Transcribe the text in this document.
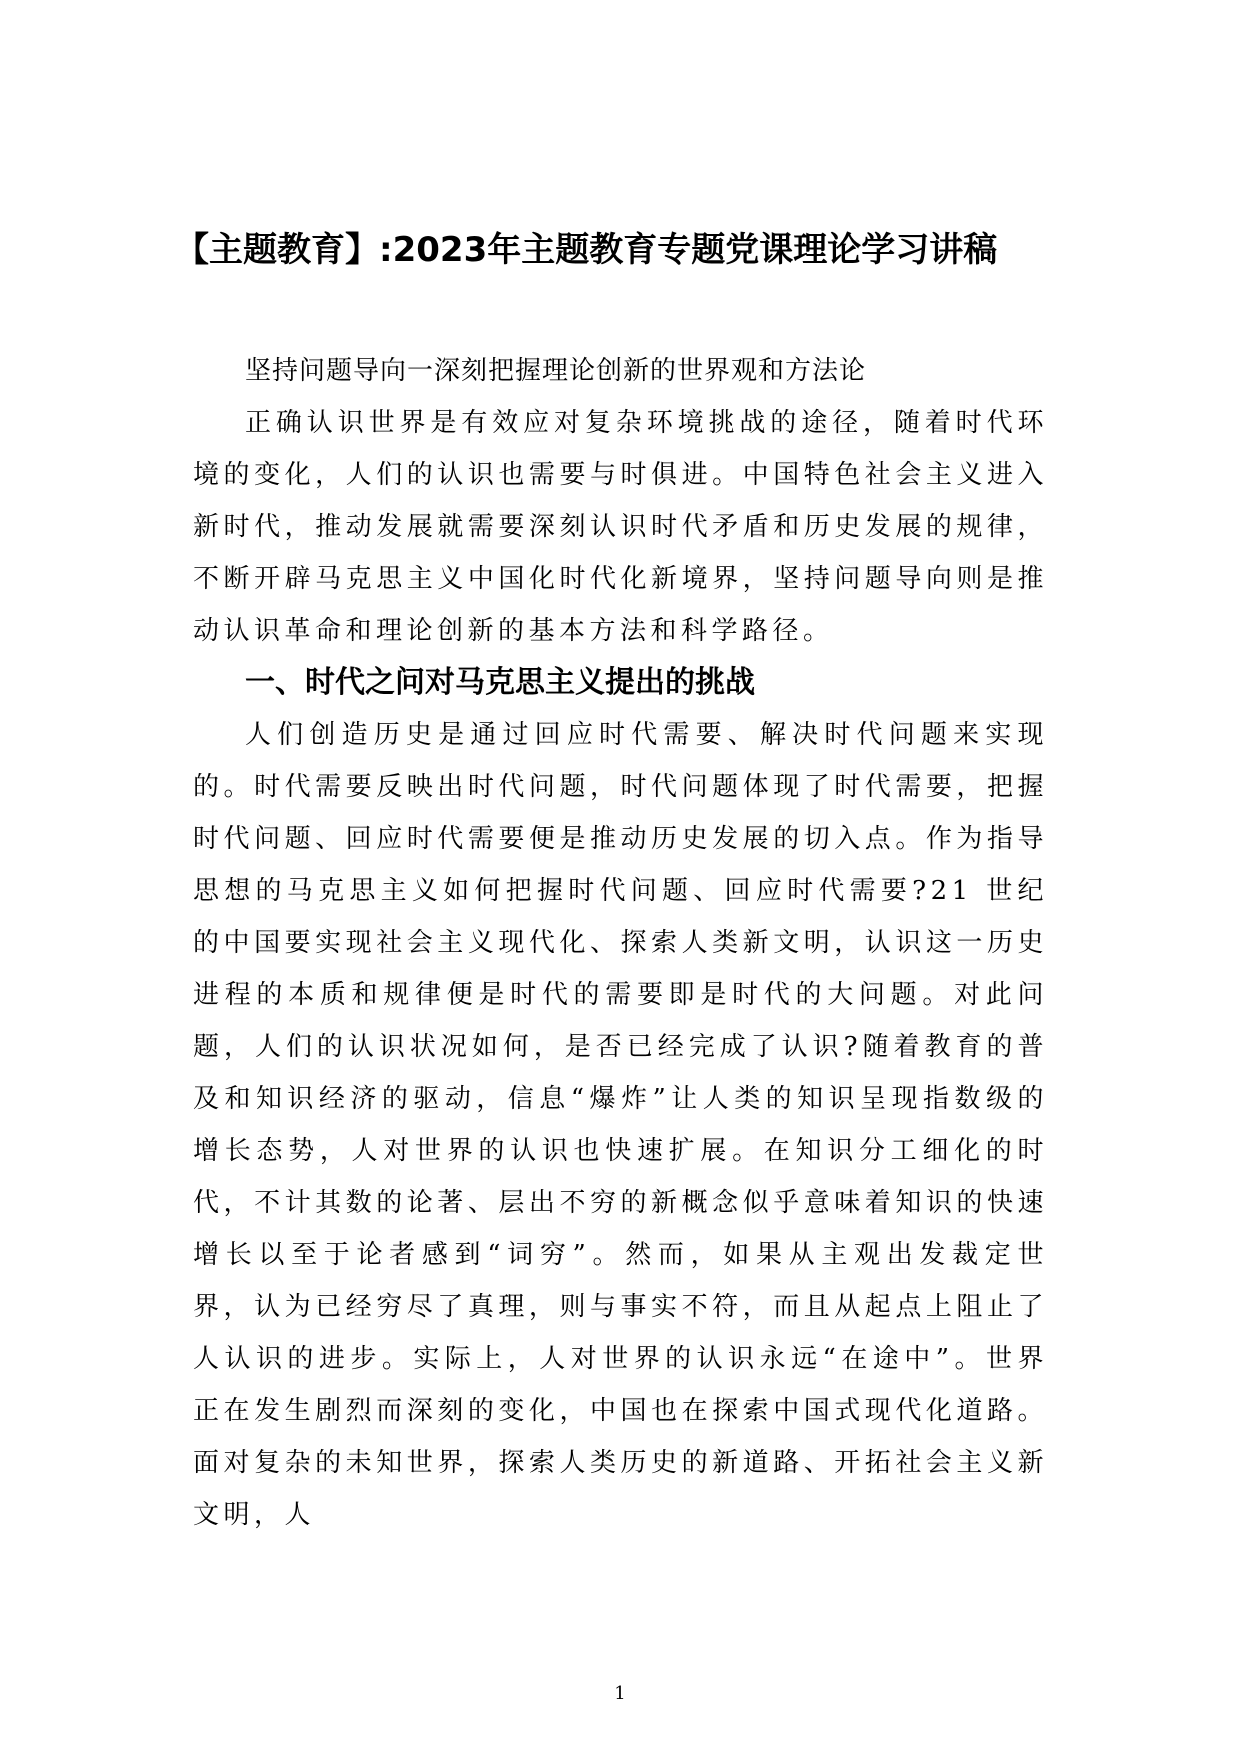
【主题教育】:2023年主题教育专题党课理论学习讲稿

坚持问题导向一深刻把握理论创新的世界观和方法论

正确认识世界是有效应对复杂环境挑战的途径，随着时代环境的变化，人们的认识也需要与时俱进。中国特色社会主义进入新时代，推动发展就需要深刻认识时代矛盾和历史发展的规律，不断开辟马克思主义中国化时代化新境界，坚持问题导向则是推动认识革命和理论创新的基本方法和科学路径。

一、时代之问对马克思主义提出的挑战

人们创造历史是通过回应时代需要、解决时代问题来实现的。时代需要反映出时代问题，时代问题体现了时代需要，把握时代问题、回应时代需要便是推动历史发展的切入点。作为指导思想的马克思主义如何把握时代问题、回应时代需要?21 世纪的中国要实现社会主义现代化、探索人类新文明，认识这一历史进程的本质和规律便是时代的需要即是时代的大问题。对此问题，人们的认识状况如何，是否已经完成了认识?随着教育的普及和知识经济的驱动，信息“爆炸”让人类的知识呈现指数级的增长态势，人对世界的认识也快速扩展。在知识分工细化的时代，不计其数的论著、层出不穷的新概念似乎意味着知识的快速增长以至于论者感到“词穷”。然而，如果从主观出发裁定世界，认为已经穷尽了真理，则与事实不符，而且从起点上阻止了人认识的进步。实际上，人对世界的认识永远“在途中”。世界正在发生剧烈而深刻的变化，中国也在探索中国式现代化道路。面对复杂的未知世界，探索人类历史的新道路、开拓社会主义新文明，人

1
